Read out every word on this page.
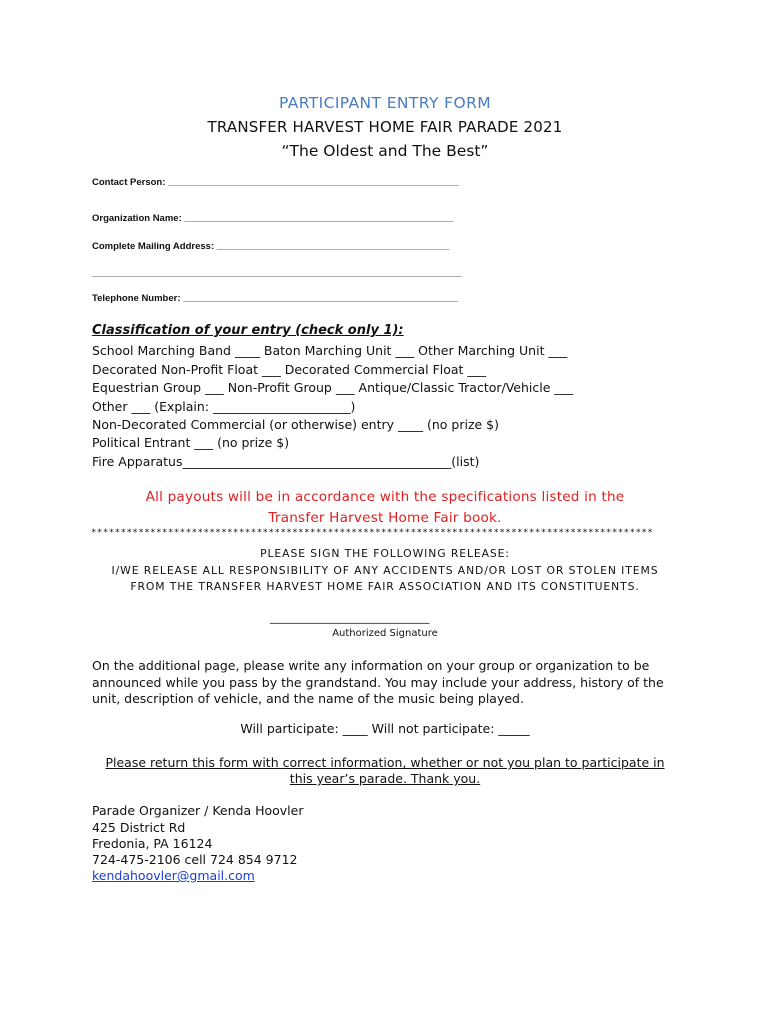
PARTICIPANT ENTRY FORM
TRANSFER HARVEST HOME FAIR PARADE 2021
“The Oldest and The Best”
Contact Person: _______________________________________________________
Organization Name: ___________________________________________________
Complete Mailing Address: ____________________________________________
______________________________________________________________________
Telephone Number: ____________________________________________________
Classification of your entry (check only 1):
School Marching Band ____ Baton Marching Unit ___ Other Marching Unit ___
Decorated Non-Profit Float ___ Decorated Commercial Float ___
Equestrian Group ___ Non-Profit Group ___ Antique/Classic Tractor/Vehicle ___
Other ___ (Explain: ______________________)
Non-Decorated Commercial (or otherwise) entry ____ (no prize $)
Political Entrant ___ (no prize $)
Fire Apparatus___________________________________________(list)
All payouts will be in accordance with the specifications listed in the
Transfer Harvest Home Fair book.
***********************************************************************************************
PLEASE SIGN THE FOLLOWING RELEASE:
I/WE RELEASE ALL RESPONSIBILITY OF ANY ACCIDENTS AND/OR LOST OR STOLEN ITEMS
FROM THE TRANSFER HARVEST HOME FAIR ASSOCIATION AND ITS CONSTITUENTS.
_____________________________
Authorized Signature
On the additional page, please write any information on your group or organization to be
announced while you pass by the grandstand. You may include your address, history of the
unit, description of vehicle, and the name of the music being played.
Will participate: ____ Will not participate: _____
Please return this form with correct information, whether or not you plan to participate in
this year’s parade. Thank you.
Parade Organizer / Kenda Hoovler
425 District Rd
Fredonia, PA 16124
724-475-2106 cell 724 854 9712
kendahoovler@gmail.com
